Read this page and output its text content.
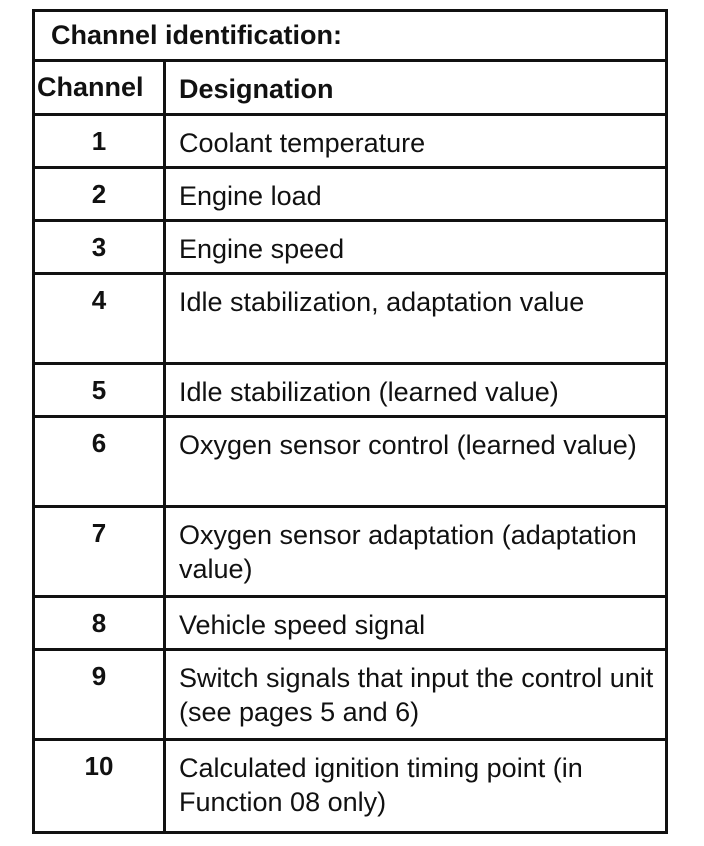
Channel identification:
Channel	Designation
1	Coolant temperature
2	Engine load
3	Engine speed
4	Idle stabilization, adaptation value
5	Idle stabilization (learned value)
6	Oxygen sensor control (learned value)
7	Oxygen sensor adaptation (adaptation value)
8	Vehicle speed signal
9	Switch signals that input the control unit (see pages 5 and 6)
10	Calculated ignition timing point (in Function 08 only)
